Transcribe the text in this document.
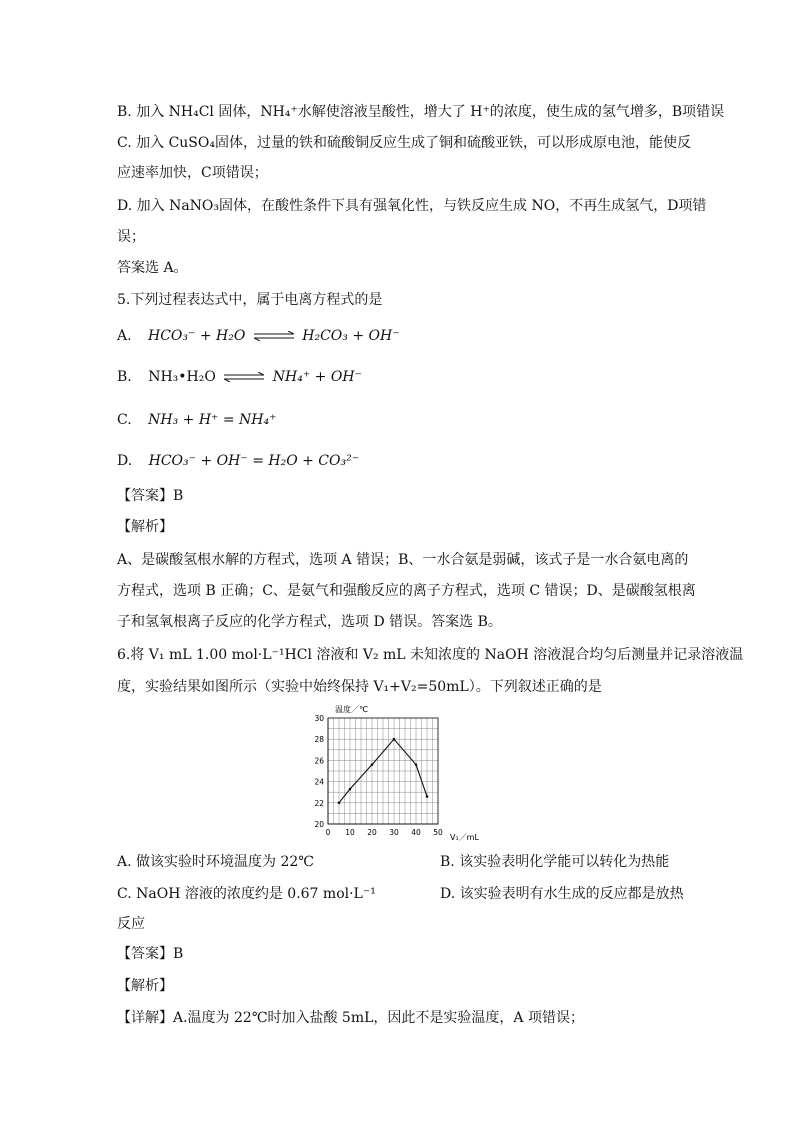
B. 加入 NH₄Cl 固体，NH₄⁺水解使溶液呈酸性，增大了 H⁺的浓度，使生成的氢气增多，B项错误
C. 加入 CuSO₄固体，过量的铁和硫酸铜反应生成了铜和硫酸亚铁，可以形成原电池，能使反
应速率加快，C项错误；
D. 加入 NaNO₃固体，在酸性条件下具有强氧化性，与铁反应生成 NO，不再生成氢气，D项错
误；
答案选 A。
5.下列过程表达式中，属于电离方程式的是
A. HCO₃⁻ + H₂O ⇌ H₂CO₃ + OH⁻
B. NH₃•H₂O ⇌ NH₄⁺ + OH⁻
C. NH₃ + H⁺ = NH₄⁺
D. HCO₃⁻ + OH⁻ = H₂O + CO₃²⁻
【答案】B
【解析】
A、是碳酸氢根水解的方程式，选项 A 错误；B、一水合氨是弱碱，该式子是一水合氨电离的
方程式，选项 B 正确；C、是氨气和强酸反应的离子方程式，选项 C 错误；D、是碳酸氢根离
子和氢氧根离子反应的化学方程式，选项 D 错误。答案选 B。
6.将 V₁ mL 1.00 mol·L⁻¹HCl 溶液和 V₂ mL 未知浓度的 NaOH 溶液混合均匀后测量并记录溶液温
度，实验结果如图所示（实验中始终保持 V₁+V₂=50mL）。下列叙述正确的是
0 10 20 30 40 50
20
22
24
26
28
30
温度／℃
V₁／mL
A. 做该实验时环境温度为 22℃	B. 该实验表明化学能可以转化为热能
C. NaOH 溶液的浓度约是 0.67 mol·L⁻¹	D. 该实验表明有水生成的反应都是放热
反应
【答案】B
【解析】
【详解】A.温度为 22℃时加入盐酸 5mL，因此不是实验温度，A 项错误；
